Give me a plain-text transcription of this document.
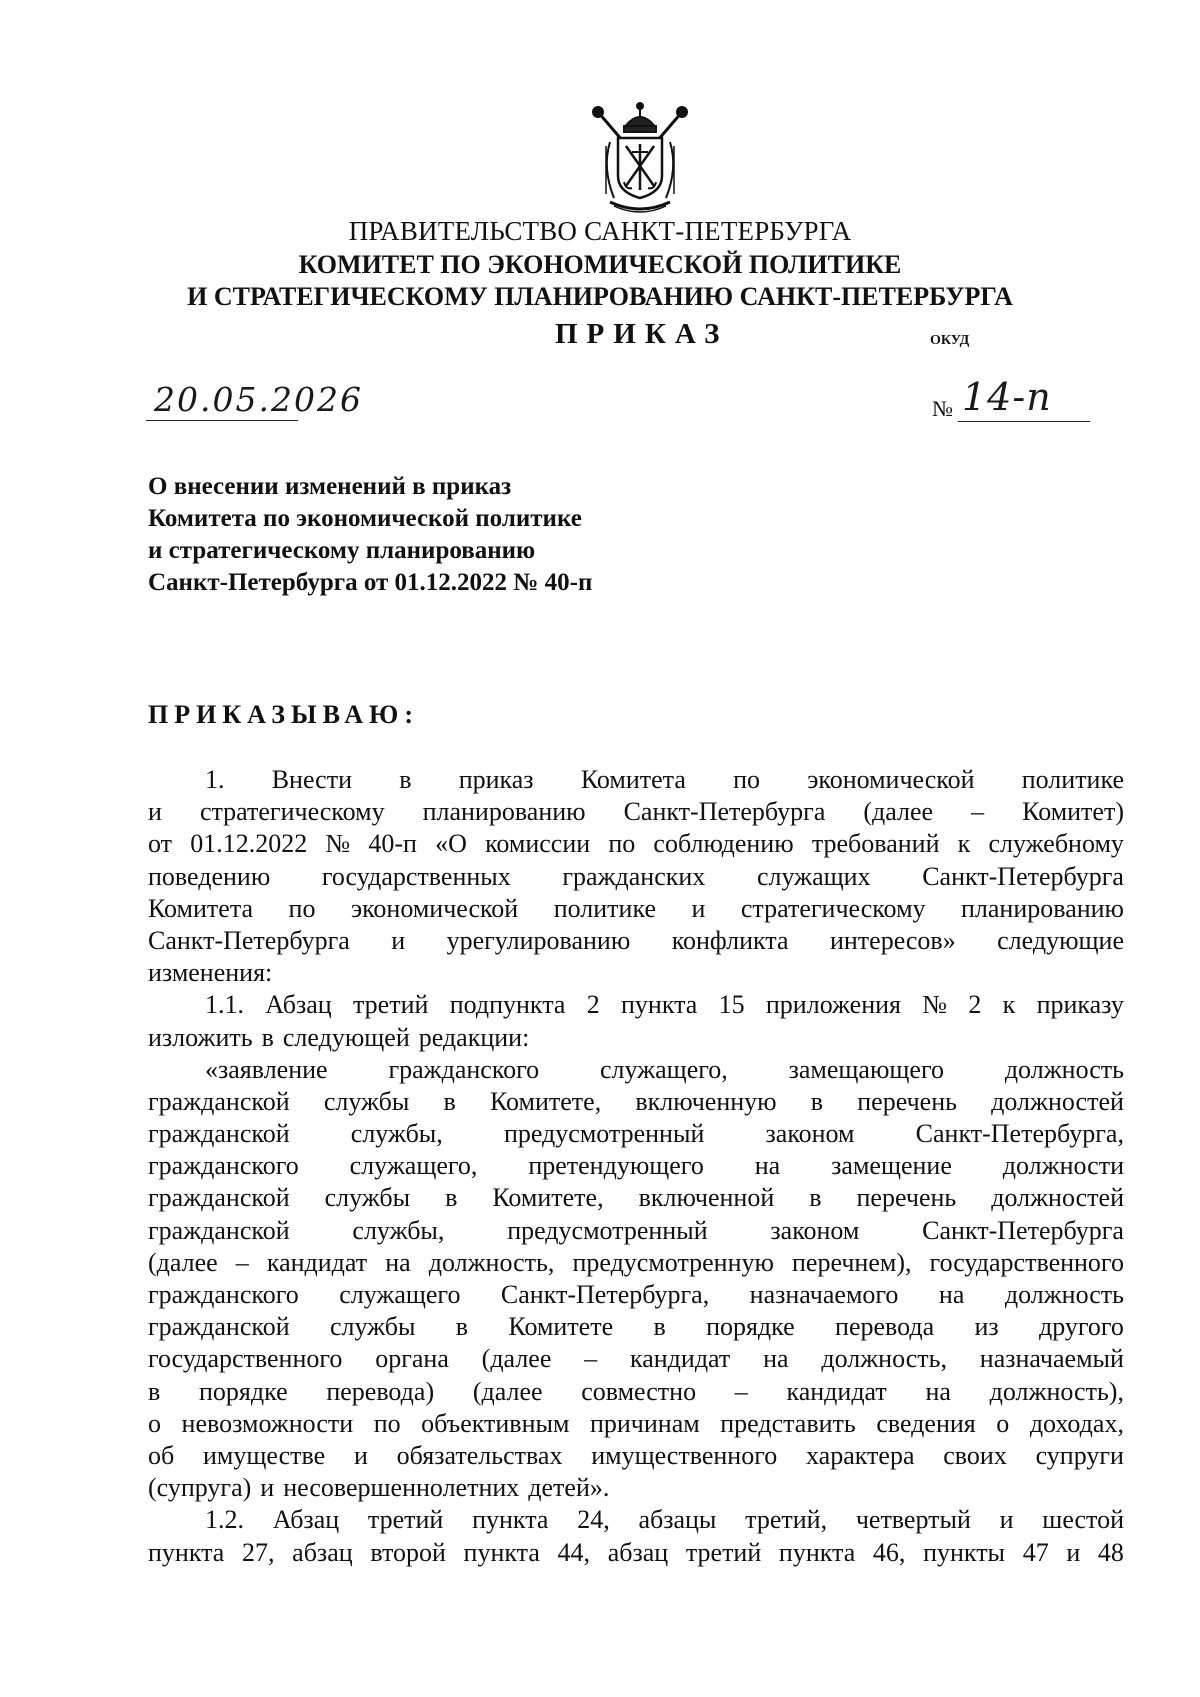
ПРАВИТЕЛЬСТВО САНКТ-ПЕТЕРБУРГА
КОМИТЕТ ПО ЭКОНОМИЧЕСКОЙ ПОЛИТИКЕ
И СТРАТЕГИЧЕСКОМУ ПЛАНИРОВАНИЮ САНКТ-ПЕТЕРБУРГА
ПРИКАЗ	ОКУД
20.05.2026	№ 14-п
О внесении изменений в приказ
Комитета по экономической политике
и стратегическому планированию
Санкт-Петербурга от 01.12.2022 № 40-п
ПРИКАЗЫВАЮ:
1. Внести в приказ Комитета по экономической политике
и стратегическому планированию Санкт-Петербурга (далее – Комитет)
от 01.12.2022 № 40-п «О комиссии по соблюдению требований к служебному
поведению государственных гражданских служащих Санкт-Петербурга
Комитета по экономической политике и стратегическому планированию
Санкт-Петербурга и урегулированию конфликта интересов» следующие
изменения:
1.1. Абзац третий подпункта 2 пункта 15 приложения № 2 к приказу
изложить в следующей редакции:
«заявление гражданского служащего, замещающего должность
гражданской службы в Комитете, включенную в перечень должностей
гражданской службы, предусмотренный законом Санкт-Петербурга,
гражданского служащего, претендующего на замещение должности
гражданской службы в Комитете, включенной в перечень должностей
гражданской службы, предусмотренный законом Санкт-Петербурга
(далее – кандидат на должность, предусмотренную перечнем), государственного
гражданского служащего Санкт-Петербурга, назначаемого на должность
гражданской службы в Комитете в порядке перевода из другого
государственного органа (далее – кандидат на должность, назначаемый
в порядке перевода) (далее совместно – кандидат на должность),
о невозможности по объективным причинам представить сведения о доходах,
об имуществе и обязательствах имущественного характера своих супруги
(супруга) и несовершеннолетних детей».
1.2. Абзац третий пункта 24, абзацы третий, четвертый и шестой
пункта 27, абзац второй пункта 44, абзац третий пункта 46, пункты 47 и 48
